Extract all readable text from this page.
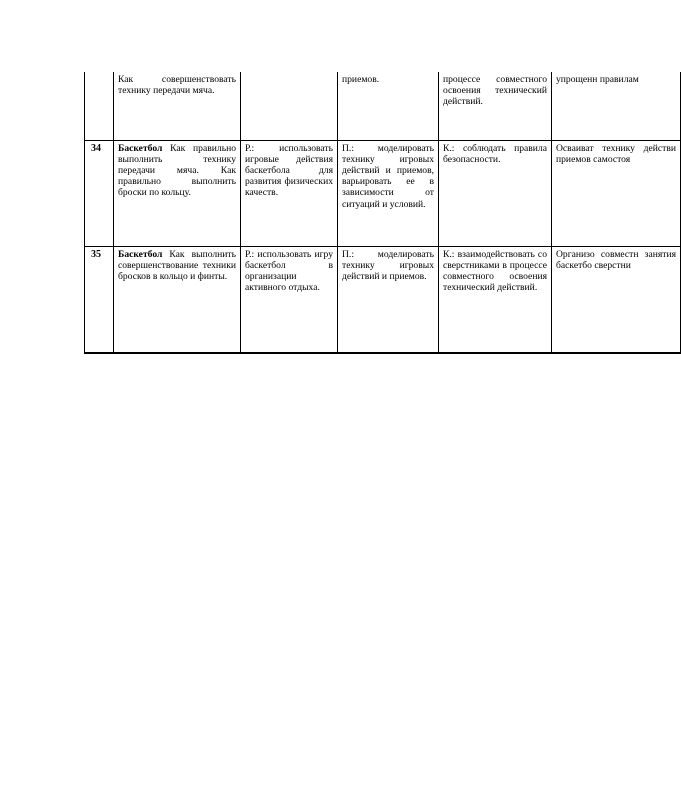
	Как совершенствовать технику передачи мяча.		приемов.	процессе совместного освоения технический действий.	упрощенн правилам
34	Баскетбол Как правильно выполнить технику передачи мяча. Как правильно выполнить броски по кольцу.	Р.: использовать игровые действия баскетбола для развития физических качеств.	П.: моделировать технику игровых действий и приемов, варьировать ее в зависимости от ситуаций и условий.	К.: соблюдать правила безопасности.	Осваиват технику действи приемов самостоя
35	Баскетбол Как выполнить совершенствование техники бросков в кольцо и финты.	Р.: использовать игру баскетбол в организации активного отдыха.	П.: моделировать технику игровых действий и приемов.	К.: взаимодействовать со сверстниками в процессе совместного освоения технический действий.	Организо совместн занятия баскетбо сверстни
